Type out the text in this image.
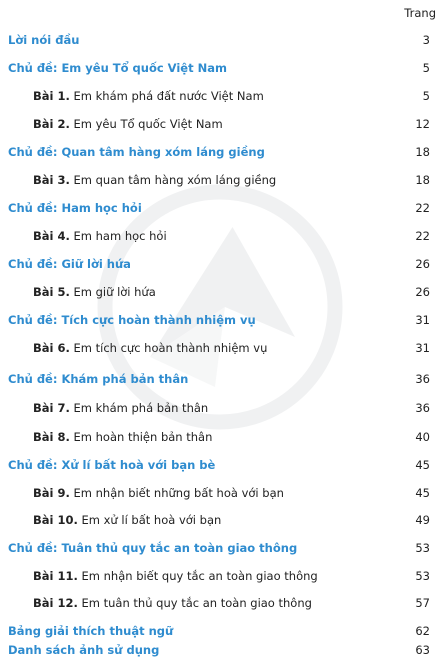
Trang
Lời nói đầu	3
Chủ đề: Em yêu Tổ quốc Việt Nam	5
Bài 1. Em khám phá đất nước Việt Nam	5
Bài 2. Em yêu Tổ quốc Việt Nam	12
Chủ đề: Quan tâm hàng xóm láng giềng	18
Bài 3. Em quan tâm hàng xóm láng giềng	18
Chủ đề: Ham học hỏi	22
Bài 4. Em ham học hỏi	22
Chủ đề: Giữ lời hứa	26
Bài 5. Em giữ lời hứa	26
Chủ đề: Tích cực hoàn thành nhiệm vụ	31
Bài 6. Em tích cực hoàn thành nhiệm vụ	31
Chủ đề: Khám phá bản thân	36
Bài 7. Em khám phá bản thân	36
Bài 8. Em hoàn thiện bản thân	40
Chủ đề: Xử lí bất hoà với bạn bè	45
Bài 9. Em nhận biết những bất hoà với bạn	45
Bài 10. Em xử lí bất hoà với bạn	49
Chủ đề: Tuân thủ quy tắc an toàn giao thông	53
Bài 11. Em nhận biết quy tắc an toàn giao thông	53
Bài 12. Em tuân thủ quy tắc an toàn giao thông	57
Bảng giải thích thuật ngữ	62
Danh sách ảnh sử dụng	63
